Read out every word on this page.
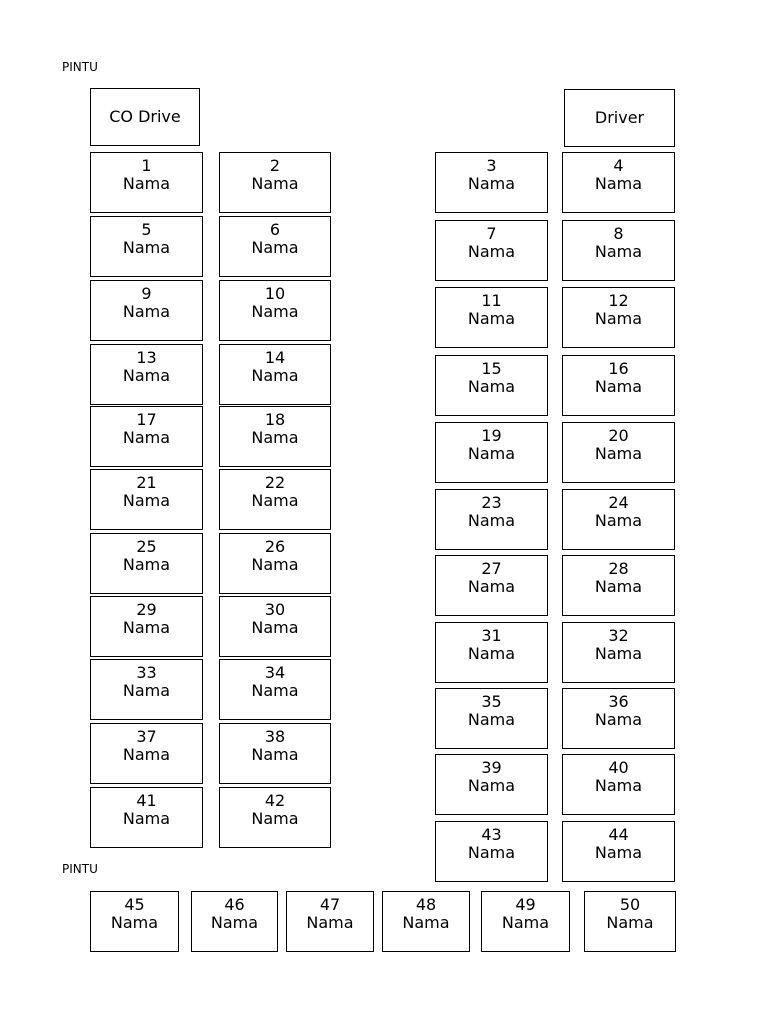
PINTU
PINTU
CO Drive	Driver
1
Nama
2
Nama
3
Nama
4
Nama
5
Nama
6
Nama
7
Nama
8
Nama
9
Nama
10
Nama
11
Nama
12
Nama
13
Nama
14
Nama	15
Nama
16
Nama
17
Nama
18
Nama	19
Nama
20
Nama
21
Nama
22
Nama	23
Nama
24
Nama
25
Nama
26
Nama	27
Nama
28
Nama
29
Nama
30
Nama	31
Nama
32
Nama
33
Nama
34
Nama
35
Nama
36
Nama
37
Nama
38
Nama
39
Nama
40
Nama
41
Nama
42
Nama
43
Nama
44
Nama
45
Nama
46
Nama
47
Nama
48
Nama
49
Nama
50
Nama
